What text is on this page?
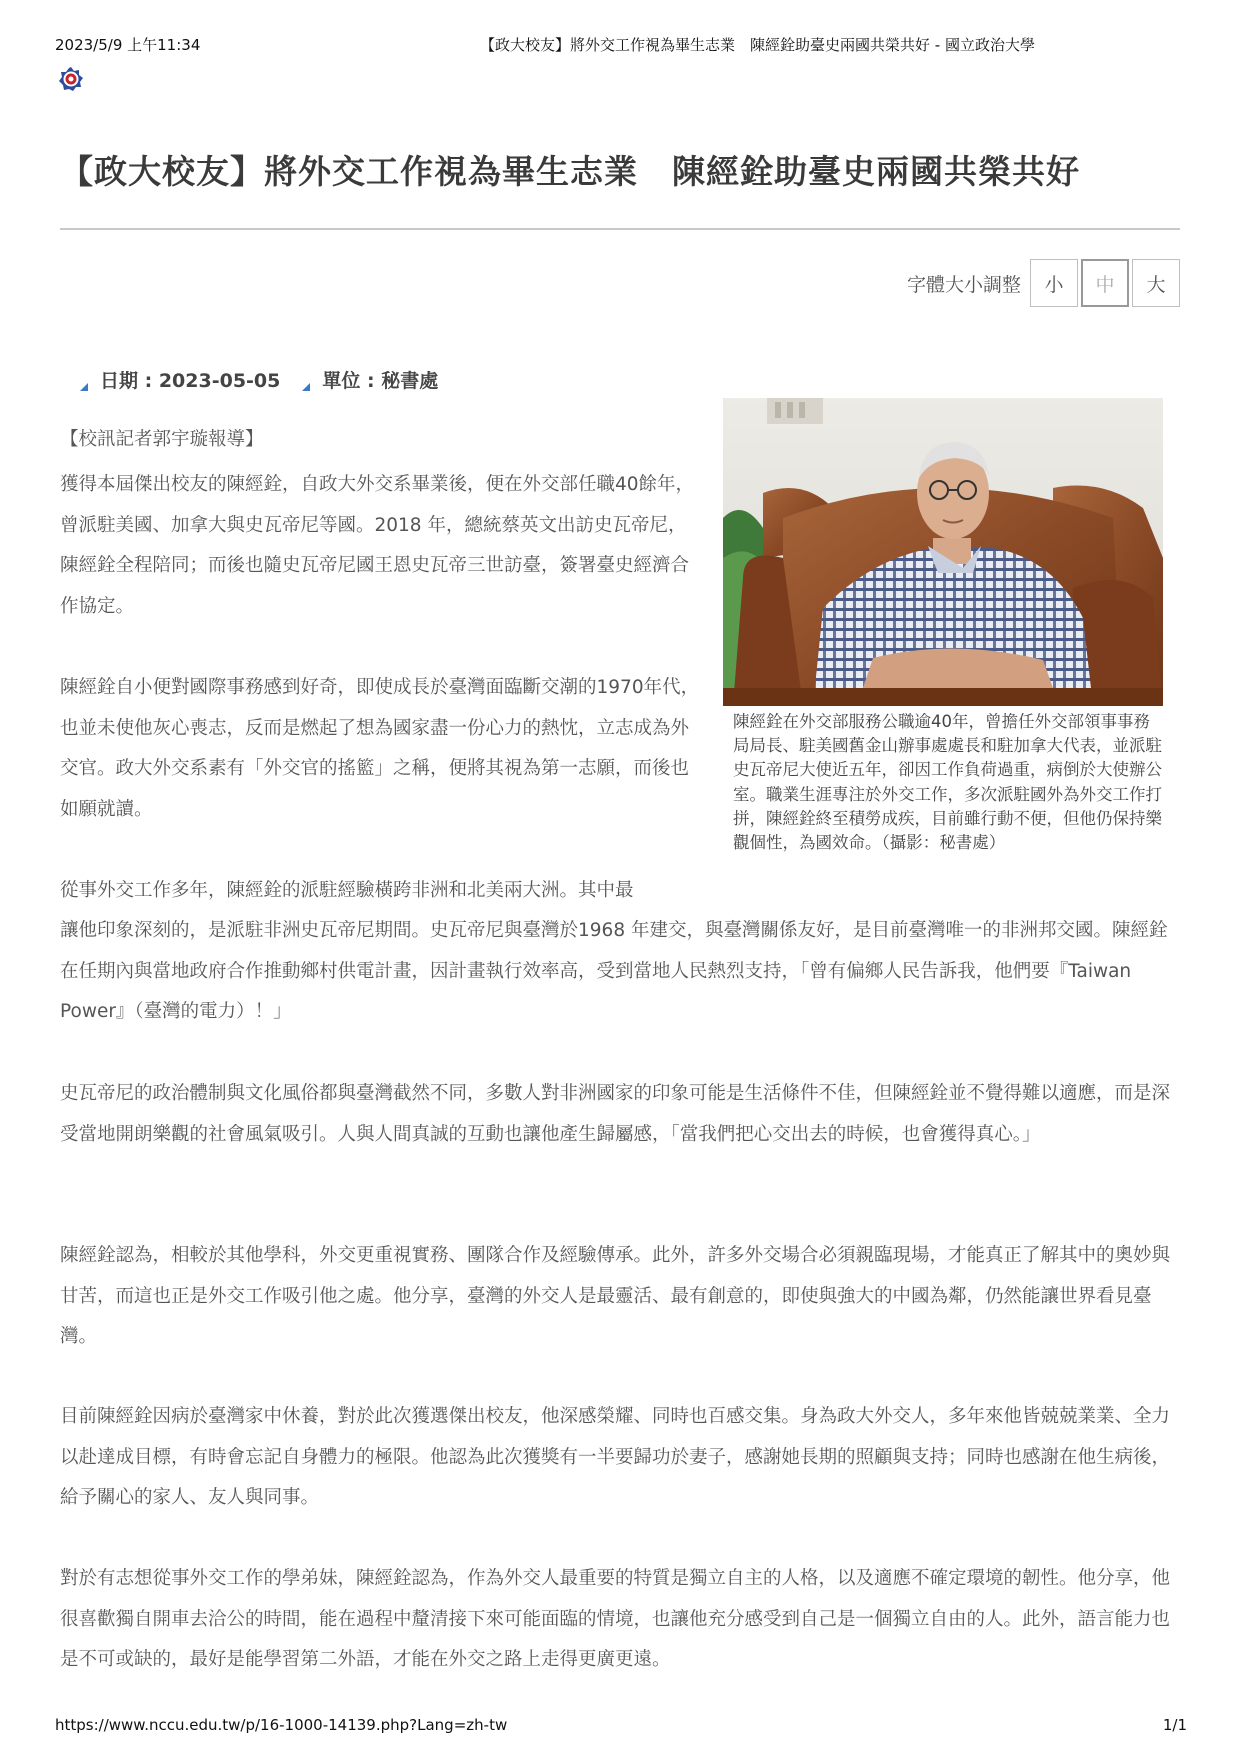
2023/5/9 上午11:34	【政大校友】將外交工作視為畢生志業　陳經銓助臺史兩國共榮共好 - 國立政治大學
【政大校友】將外交工作視為畢生志業　陳經銓助臺史兩國共榮共好
字體大小調整	小	中	大
日期 : 2023-05-05 單位 : 秘書處
陳經銓在外交部服務公職逾40年，曾擔任外交部領事事務局局長、駐美國舊金山辦事處處長和駐加拿大代表，並派駐史瓦帝尼大使近五年，卻因工作負荷過重，病倒於大使辦公室。職業生涯專注於外交工作，多次派駐國外為外交工作打拼，陳經銓終至積勞成疾，目前雖行動不便，但他仍保持樂觀個性，為國效命。（攝影：秘書處）

【校訊記者郭宇璇報導】

獲得本屆傑出校友的陳經銓，自政大外交系畢業後，便在外交部任職40餘年，曾派駐美國、加拿大與史瓦帝尼等國。2018 年，總統蔡英文出訪史瓦帝尼，陳經銓全程陪同；而後也隨史瓦帝尼國王恩史瓦帝三世訪臺，簽署臺史經濟合作協定。

陳經銓自小便對國際事務感到好奇，即使成長於臺灣面臨斷交潮的1970年代，也並未使他灰心喪志，反而是燃起了想為國家盡一份心力的熱忱，立志成為外交官。政大外交系素有「外交官的搖籃」之稱，便將其視為第一志願，而後也如願就讀。

從事外交工作多年，陳經銓的派駐經驗橫跨非洲和北美兩大洲。其中最

讓他印象深刻的，是派駐非洲史瓦帝尼期間。史瓦帝尼與臺灣於1968 年建交，與臺灣關係友好，是目前臺灣唯一的非洲邦交國。陳經銓在任期內與當地政府合作推動鄉村供電計畫，因計畫執行效率高，受到當地人民熱烈支持，「曾有偏鄉人民告訴我，他們要『Taiwan Power』（臺灣的電力）！」

史瓦帝尼的政治體制與文化風俗都與臺灣截然不同，多數人對非洲國家的印象可能是生活條件不佳，但陳經銓並不覺得難以適應，而是深受當地開朗樂觀的社會風氣吸引。人與人間真誠的互動也讓他產生歸屬感，「當我們把心交出去的時候，也會獲得真心。」

陳經銓認為，相較於其他學科，外交更重視實務、團隊合作及經驗傳承。此外，許多外交場合必須親臨現場，才能真正了解其中的奧妙與甘苦，而這也正是外交工作吸引他之處。他分享，臺灣的外交人是最靈活、最有創意的，即使與強大的中國為鄰，仍然能讓世界看見臺灣。

目前陳經銓因病於臺灣家中休養，對於此次獲選傑出校友，他深感榮耀、同時也百感交集。身為政大外交人，多年來他皆兢兢業業、全力以赴達成目標，有時會忘記自身體力的極限。他認為此次獲獎有一半要歸功於妻子，感謝她長期的照顧與支持；同時也感謝在他生病後，給予關心的家人、友人與同事。

對於有志想從事外交工作的學弟妹，陳經銓認為，作為外交人最重要的特質是獨立自主的人格，以及適應不確定環境的韌性。他分享，他很喜歡獨自開車去洽公的時間，能在過程中釐清接下來可能面臨的情境，也讓他充分感受到自己是一個獨立自由的人。此外，語言能力也是不可或缺的，最好是能學習第二外語，才能在外交之路上走得更廣更遠。

https://www.nccu.edu.tw/p/16-1000-14139.php?Lang=zh-tw	1/1
